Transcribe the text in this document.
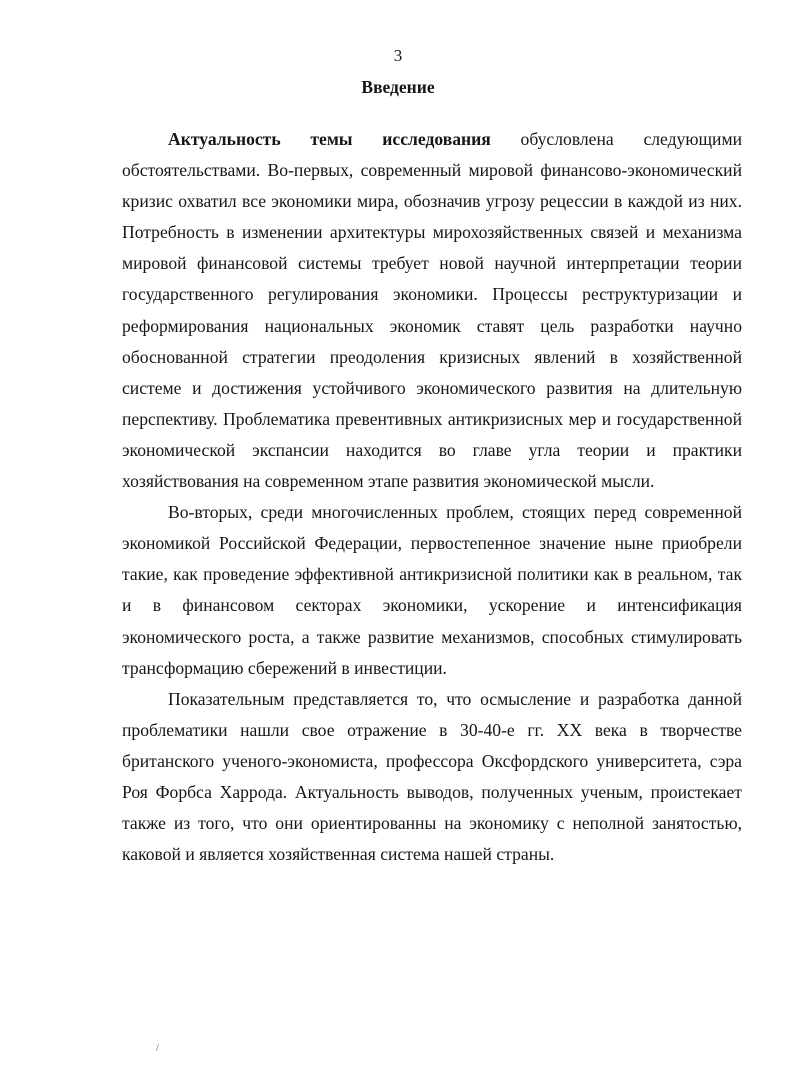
3
Введение

Актуальность темы исследования обусловлена следующими обстоятельствами. Во-первых, современный мировой финансово-экономический кризис охватил все экономики мира, обозначив угрозу рецессии в каждой из них. Потребность в изменении архитектуры мирохозяйственных связей и механизма мировой финансовой системы требует новой научной интерпретации теории государственного регулирования экономики. Процессы реструктуризации и реформирования национальных экономик ставят цель разработки научно обоснованной стратегии преодоления кризисных явлений в хозяйственной системе и достижения устойчивого экономического развития на длительную перспективу. Проблематика превентивных антикризисных мер и государственной экономической экспансии находится во главе угла теории и практики хозяйствования на современном этапе развития экономической мысли.

Во-вторых, среди многочисленных проблем, стоящих перед современной экономикой Российской Федерации, первостепенное значение ныне приобрели такие, как проведение эффективной антикризисной политики как в реальном, так и в финансовом секторах экономики, ускорение и интенсификация экономического роста, а также развитие механизмов, способных стимулировать трансформацию сбережений в инвестиции.

Показательным представляется то, что осмысление и разработка данной проблематики нашли свое отражение в 30-40-е гг. XX века в творчестве британского ученого-экономиста, профессора Оксфордского университета, сэра Роя Форбса Харрода. Актуальность выводов, полученных ученым, проистекает также из того, что они ориентированны на экономику с неполной занятостью, каковой и является хозяйственная система нашей страны.

/
